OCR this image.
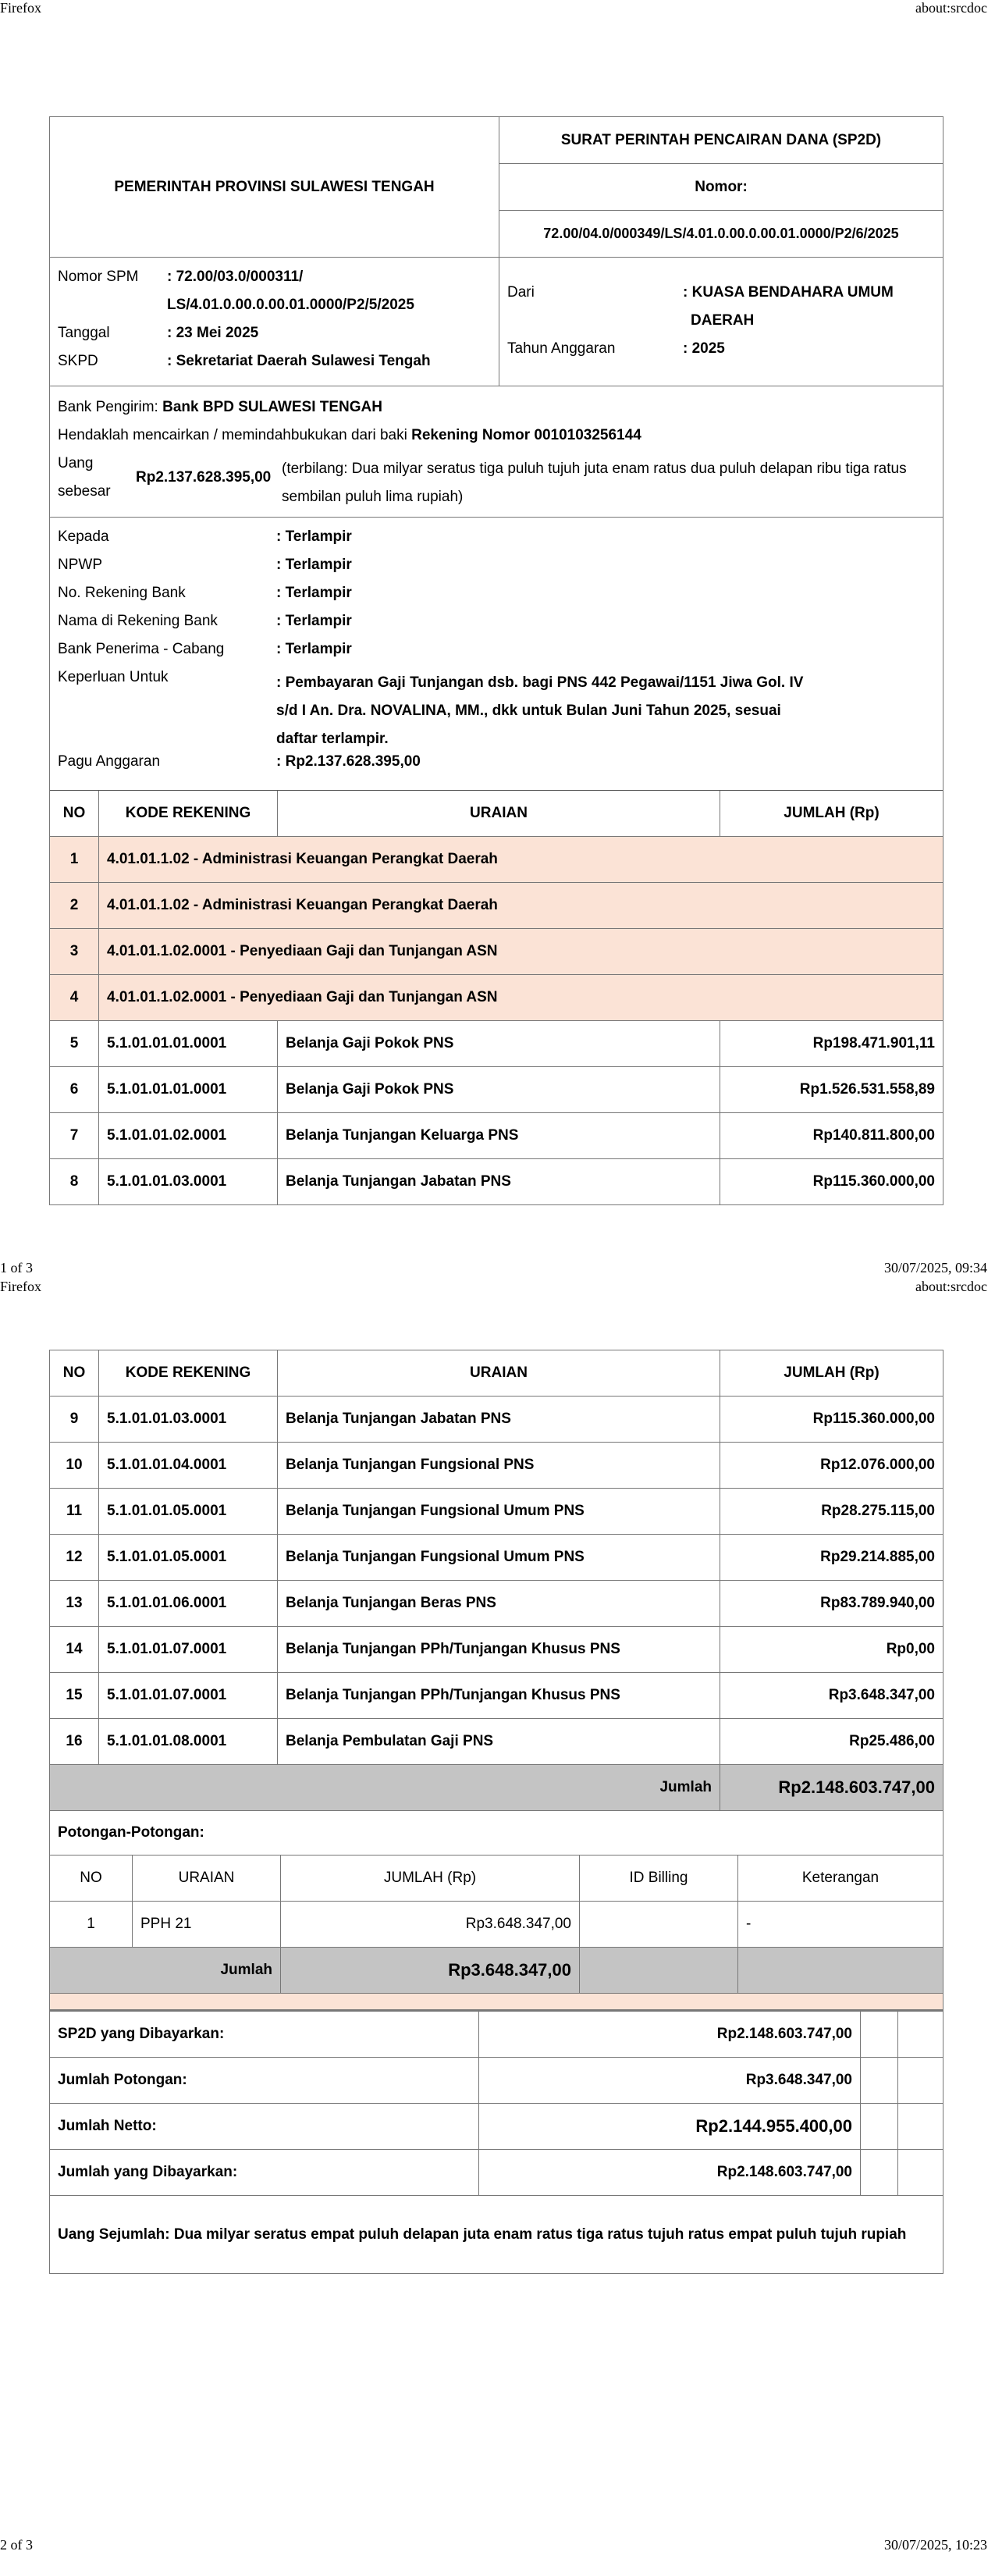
Firefox	about:srcdoc
PEMERINTAH PROVINSI SULAWESI TENGAH
SURAT PERINTAH PENCAIRAN DANA (SP2D)
Nomor:
72.00/04.0/000349/LS/4.01.0.00.0.00.01.0000/P2/6/2025
Nomor SPM : 72.00/03.0/000311/
LS/4.01.0.00.0.00.01.0000/P2/5/2025
Tanggal	: 23 Mei 2025
SKPD	: Sekretariat Daerah Sulawesi Tengah
Dari	: KUASA BENDAHARA UMUM
DAERAH
Tahun Anggaran	: 2025
Bank Pengirim: Bank BPD SULAWESI TENGAH
Hendaklah mencairkan / memindahbukukan dari baki Rekening Nomor 0010103256144
Uang
sebesar
Rp2.137.628.395,00
(terbilang: Dua milyar seratus tiga puluh tujuh juta enam ratus dua puluh delapan ribu tiga ratus sembilan puluh lima rupiah)
Kepada	: Terlampir
NPWP	: Terlampir
No. Rekening Bank	: Terlampir
Nama di Rekening Bank	: Terlampir
Bank Penerima - Cabang	: Terlampir
Keperluan Untuk	: Pembayaran Gaji Tunjangan dsb. bagi PNS 442 Pegawai/1151 Jiwa Gol. IV s/d I An. Dra. NOVALINA, MM., dkk untuk Bulan Juni Tahun 2025, sesuai daftar terlampir.
Pagu Anggaran	: Rp2.137.628.395,00
NO	KODE REKENING	URAIAN	JUMLAH (Rp)
1	4.01.01.1.02 - Administrasi Keuangan Perangkat Daerah		
2	4.01.01.1.02 - Administrasi Keuangan Perangkat Daerah		
3	4.01.01.1.02.0001 - Penyediaan Gaji dan Tunjangan ASN		
4	4.01.01.1.02.0001 - Penyediaan Gaji dan Tunjangan ASN		
5	5.1.01.01.01.0001	Belanja Gaji Pokok PNS	Rp198.471.901,11
6	5.1.01.01.01.0001	Belanja Gaji Pokok PNS	Rp1.526.531.558,89
7	5.1.01.01.02.0001	Belanja Tunjangan Keluarga PNS	Rp140.811.800,00
8	5.1.01.01.03.0001	Belanja Tunjangan Jabatan PNS	Rp115.360.000,00
1 of 3	30/07/2025, 09:34
Firefox	about:srcdoc
NO	KODE REKENING	URAIAN	JUMLAH (Rp)
9	5.1.01.01.03.0001	Belanja Tunjangan Jabatan PNS	Rp115.360.000,00
10	5.1.01.01.04.0001	Belanja Tunjangan Fungsional PNS	Rp12.076.000,00
11	5.1.01.01.05.0001	Belanja Tunjangan Fungsional Umum PNS	Rp28.275.115,00
12	5.1.01.01.05.0001	Belanja Tunjangan Fungsional Umum PNS	Rp29.214.885,00
13	5.1.01.01.06.0001	Belanja Tunjangan Beras PNS	Rp83.789.940,00
14	5.1.01.01.07.0001	Belanja Tunjangan PPh/Tunjangan Khusus PNS	Rp0,00
15	5.1.01.01.07.0001	Belanja Tunjangan PPh/Tunjangan Khusus PNS	Rp3.648.347,00
16	5.1.01.01.08.0001	Belanja Pembulatan Gaji PNS	Rp25.486,00
Jumlah			Rp2.148.603.747,00
Potongan-Potongan:
NO	URAIAN	JUMLAH (Rp)	ID Billing	Keterangan
1	PPH 21	Rp3.648.347,00		-
Jumlah		Rp3.648.347,00		
SP2D yang Dibayarkan:	Rp2.148.603.747,00		
Jumlah Potongan:	Rp3.648.347,00		
Jumlah Netto:	Rp2.144.955.400,00		
Jumlah yang Dibayarkan:	Rp2.148.603.747,00		
Uang Sejumlah: Dua milyar seratus empat puluh delapan juta enam ratus tiga ratus tujuh ratus empat puluh tujuh rupiah			
2 of 3	30/07/2025, 10:23
